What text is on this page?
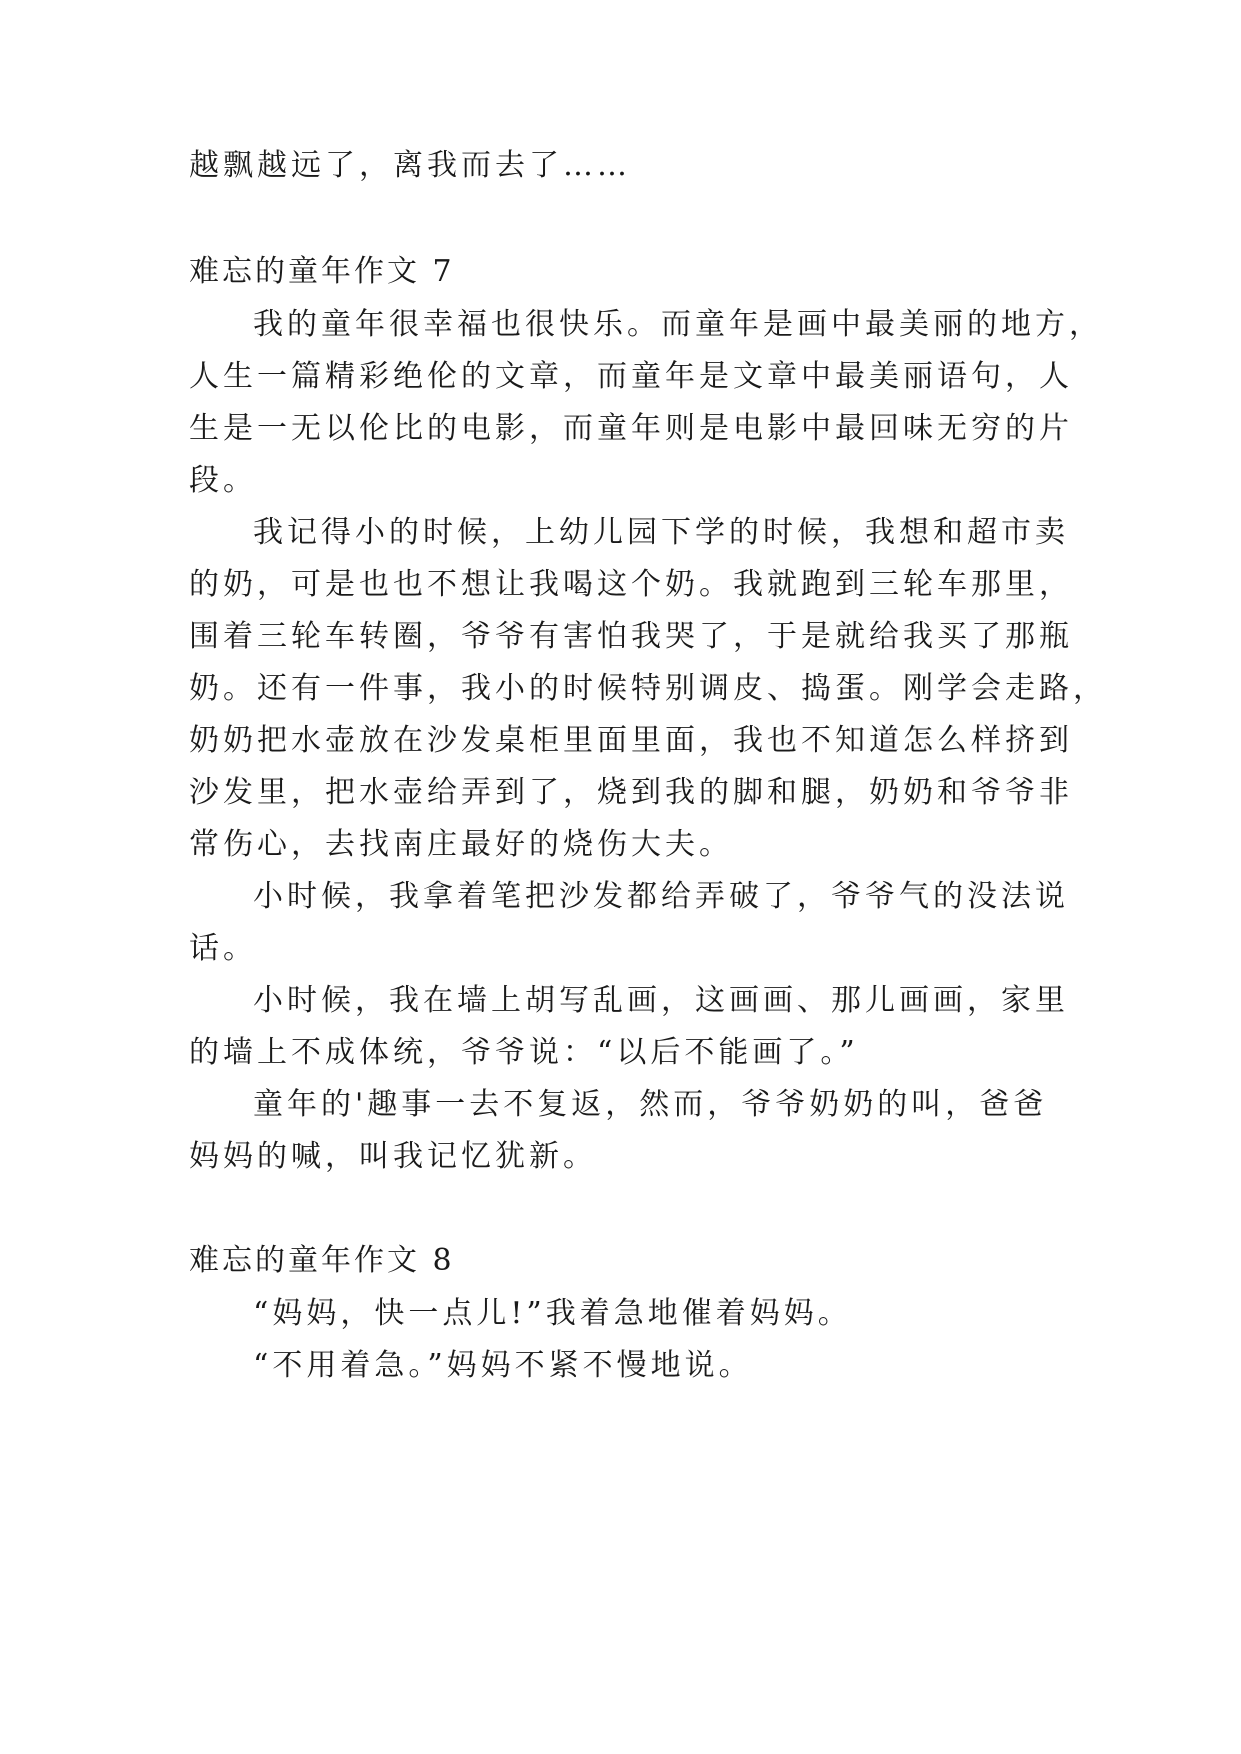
越飘越远了，离我而去了……
难忘的童年作文 7
我的童年很幸福也很快乐。而童年是画中最美丽的地方，
人生一篇精彩绝伦的文章，而童年是文章中最美丽语句，人
生是一无以伦比的电影，而童年则是电影中最回味无穷的片
段。
我记得小的时候，上幼儿园下学的时候，我想和超市卖
的奶，可是也也不想让我喝这个奶。我就跑到三轮车那里，
围着三轮车转圈，爷爷有害怕我哭了，于是就给我买了那瓶
奶。还有一件事，我小的时候特别调皮、捣蛋。刚学会走路，
奶奶把水壶放在沙发桌柜里面里面，我也不知道怎么样挤到
沙发里，把水壶给弄到了，烧到我的脚和腿，奶奶和爷爷非
常伤心，去找南庄最好的烧伤大夫。
小时候，我拿着笔把沙发都给弄破了，爷爷气的没法说
话。
小时候，我在墙上胡写乱画，这画画、那儿画画，家里
的墙上不成体统，爷爷说：“以后不能画了。”
童年的'趣事一去不复返，然而，爷爷奶奶的叫，爸爸
妈妈的喊，叫我记忆犹新。
难忘的童年作文 8
“妈妈，快一点儿!”我着急地催着妈妈。
“不用着急。”妈妈不紧不慢地说。
